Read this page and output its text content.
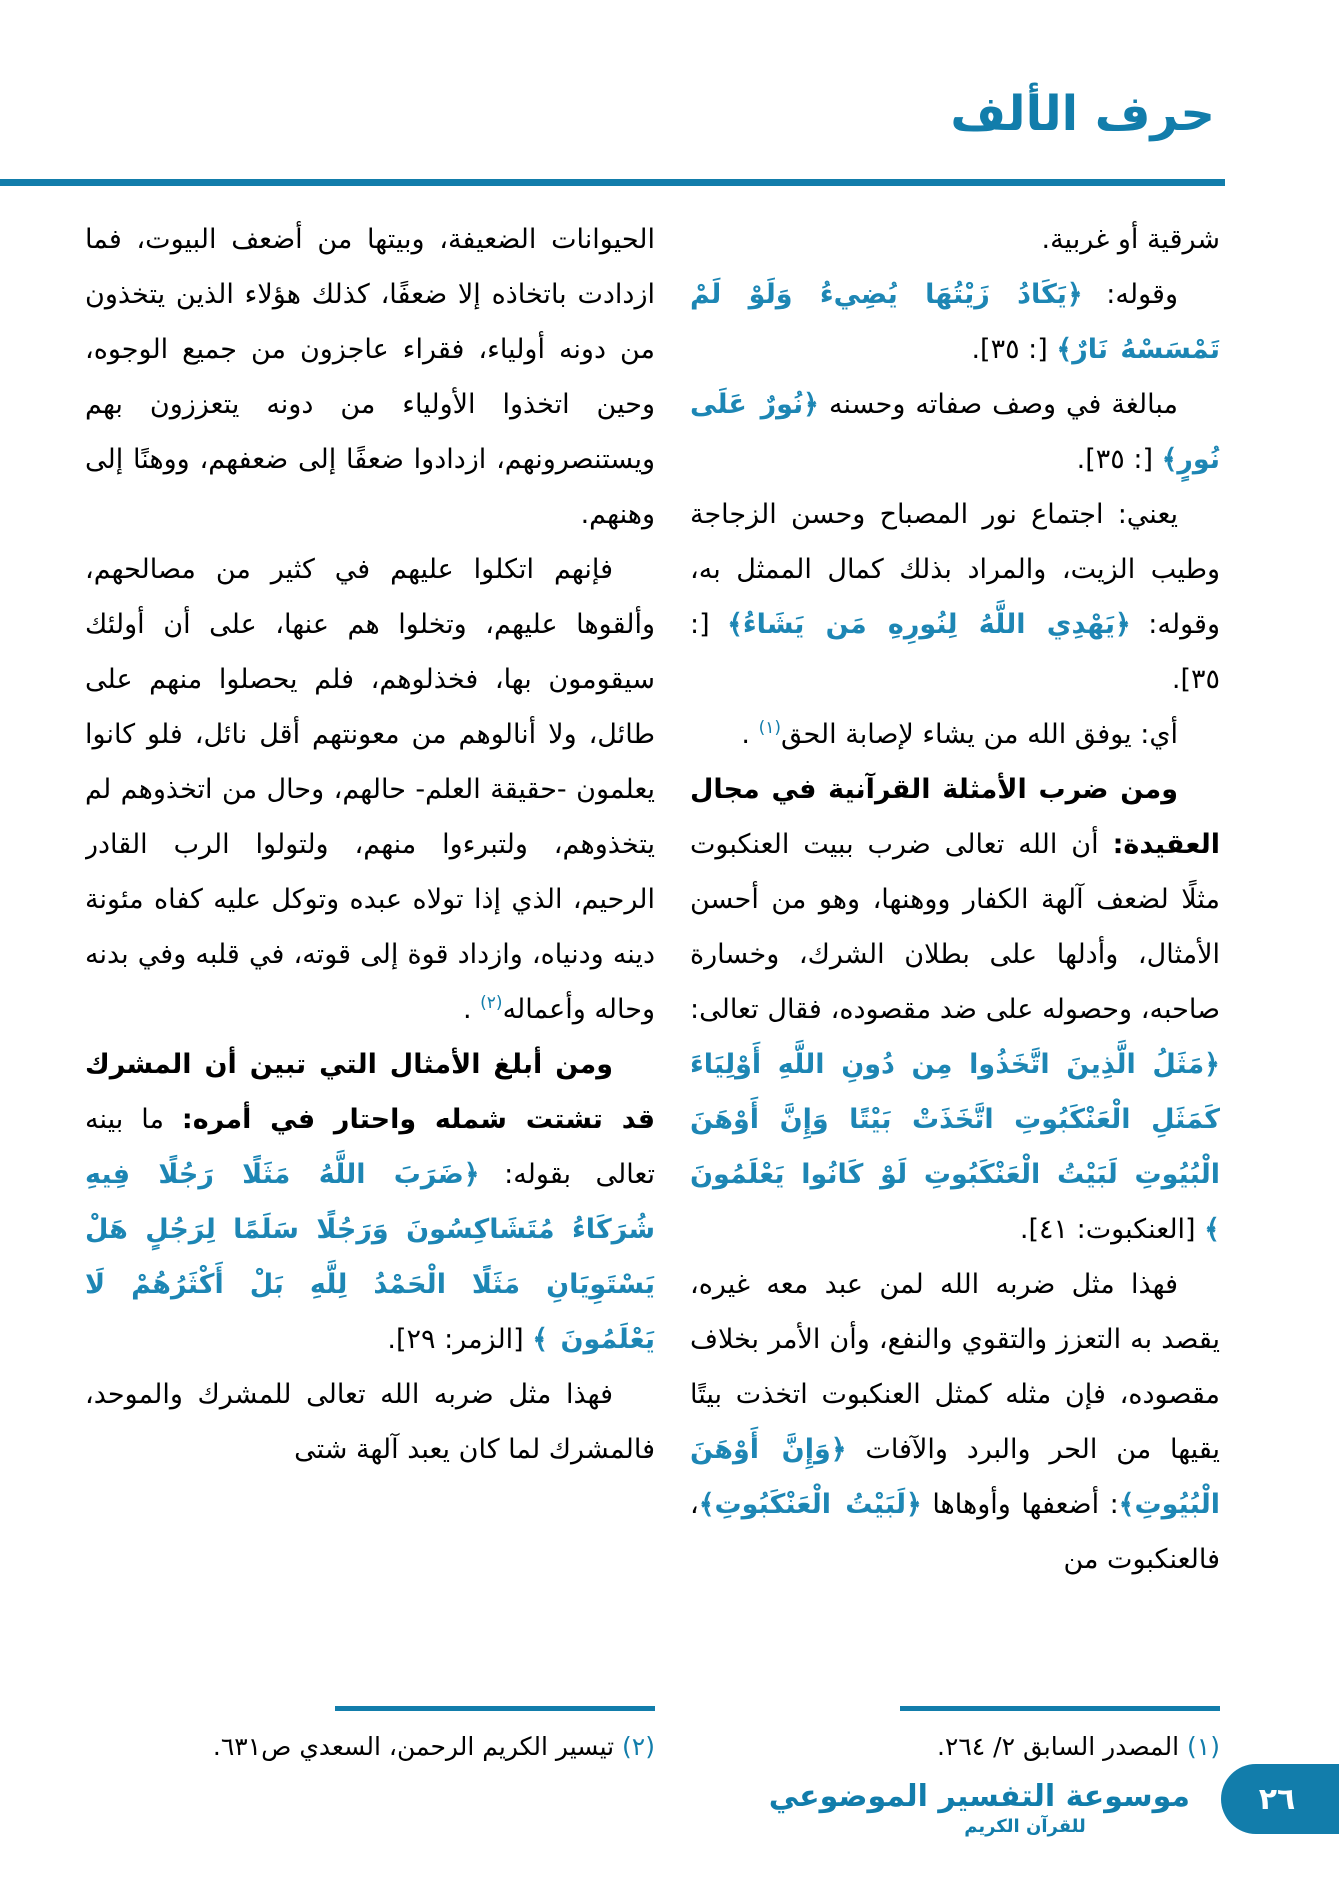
حرف الألف

شرقية أو غربية.

وقوله: ﴿يَكَادُ زَيْتُهَا يُضِيءُ وَلَوْ لَمْ تَمْسَسْهُ نَارٌ﴾ [: ٣٥].

مبالغة في وصف صفاته وحسنه ﴿نُورٌ عَلَى نُورٍ﴾ [: ٣٥].

يعني: اجتماع نور المصباح وحسن الزجاجة وطيب الزيت، والمراد بذلك كمال الممثل به، وقوله: ﴿يَهْدِي اللَّهُ لِنُورِهِ مَن يَشَاءُ﴾ [: ٣٥].

أي: يوفق الله من يشاء لإصابة الحق$^{(١)}$ .

ومن ضرب الأمثلة القرآنية في مجال العقيدة: أن الله تعالى ضرب ببيت العنكبوت مثلًا لضعف آلهة الكفار ووهنها، وهو من أحسن الأمثال، وأدلها على بطلان الشرك، وخسارة صاحبه، وحصوله على ضد مقصوده، فقال تعالى: ﴿مَثَلُ الَّذِينَ اتَّخَذُوا مِن دُونِ اللَّهِ أَوْلِيَاءَ كَمَثَلِ الْعَنْكَبُوتِ اتَّخَذَتْ بَيْتًا وَإِنَّ أَوْهَنَ الْبُيُوتِ لَبَيْتُ الْعَنْكَبُوتِ لَوْ كَانُوا يَعْلَمُونَ ﴾ [العنكبوت: ٤١].

فهذا مثل ضربه الله لمن عبد معه غيره، يقصد به التعزز والتقوي والنفع، وأن الأمر بخلاف مقصوده، فإن مثله كمثل العنكبوت اتخذت بيتًا يقيها من الحر والبرد والآفات ﴿وَإِنَّ أَوْهَنَ الْبُيُوتِ﴾: أضعفها وأوهاها ﴿لَبَيْتُ الْعَنْكَبُوتِ﴾، فالعنكبوت من

الحيوانات الضعيفة، وبيتها من أضعف البيوت، فما ازدادت باتخاذه إلا ضعفًا، كذلك هؤلاء الذين يتخذون من دونه أولياء، فقراء عاجزون من جميع الوجوه، وحين اتخذوا الأولياء من دونه يتعززون بهم ويستنصرونهم، ازدادوا ضعفًا إلى ضعفهم، ووهنًا إلى وهنهم.

فإنهم اتكلوا عليهم في كثير من مصالحهم، وألقوها عليهم، وتخلوا هم عنها، على أن أولئك سيقومون بها، فخذلوهم، فلم يحصلوا منهم على طائل، ولا أنالوهم من معونتهم أقل نائل، فلو كانوا يعلمون -حقيقة العلم- حالهم، وحال من اتخذوهم لم يتخذوهم، ولتبرءوا منهم، ولتولوا الرب القادر الرحيم، الذي إذا تولاه عبده وتوكل عليه كفاه مئونة دينه ودنياه، وازداد قوة إلى قوته، في قلبه وفي بدنه وحاله وأعماله$^{(٢)}$ .

ومن أبلغ الأمثال التي تبين أن المشرك قد تشتت شمله واحتار في أمره: ما بينه تعالى بقوله: ﴿ضَرَبَ اللَّهُ مَثَلًا رَجُلًا فِيهِ شُرَكَاءُ مُتَشَاكِسُونَ وَرَجُلًا سَلَمًا لِرَجُلٍ هَلْ يَسْتَوِيَانِ مَثَلًا الْحَمْدُ لِلَّهِ بَلْ أَكْثَرُهُمْ لَا يَعْلَمُونَ ﴾ [الزمر: ٢٩].

فهذا مثل ضربه الله تعالى للمشرك والموحد، فالمشرك لما كان يعبد آلهة شتى

(١) المصدر السابق ٢/ ٢٦٤.
(٢) تيسير الكريم الرحمن، السعدي ص٦٣١.
موسوعة التفسير الموضوعي
للقرآن الكريم
٢٦
